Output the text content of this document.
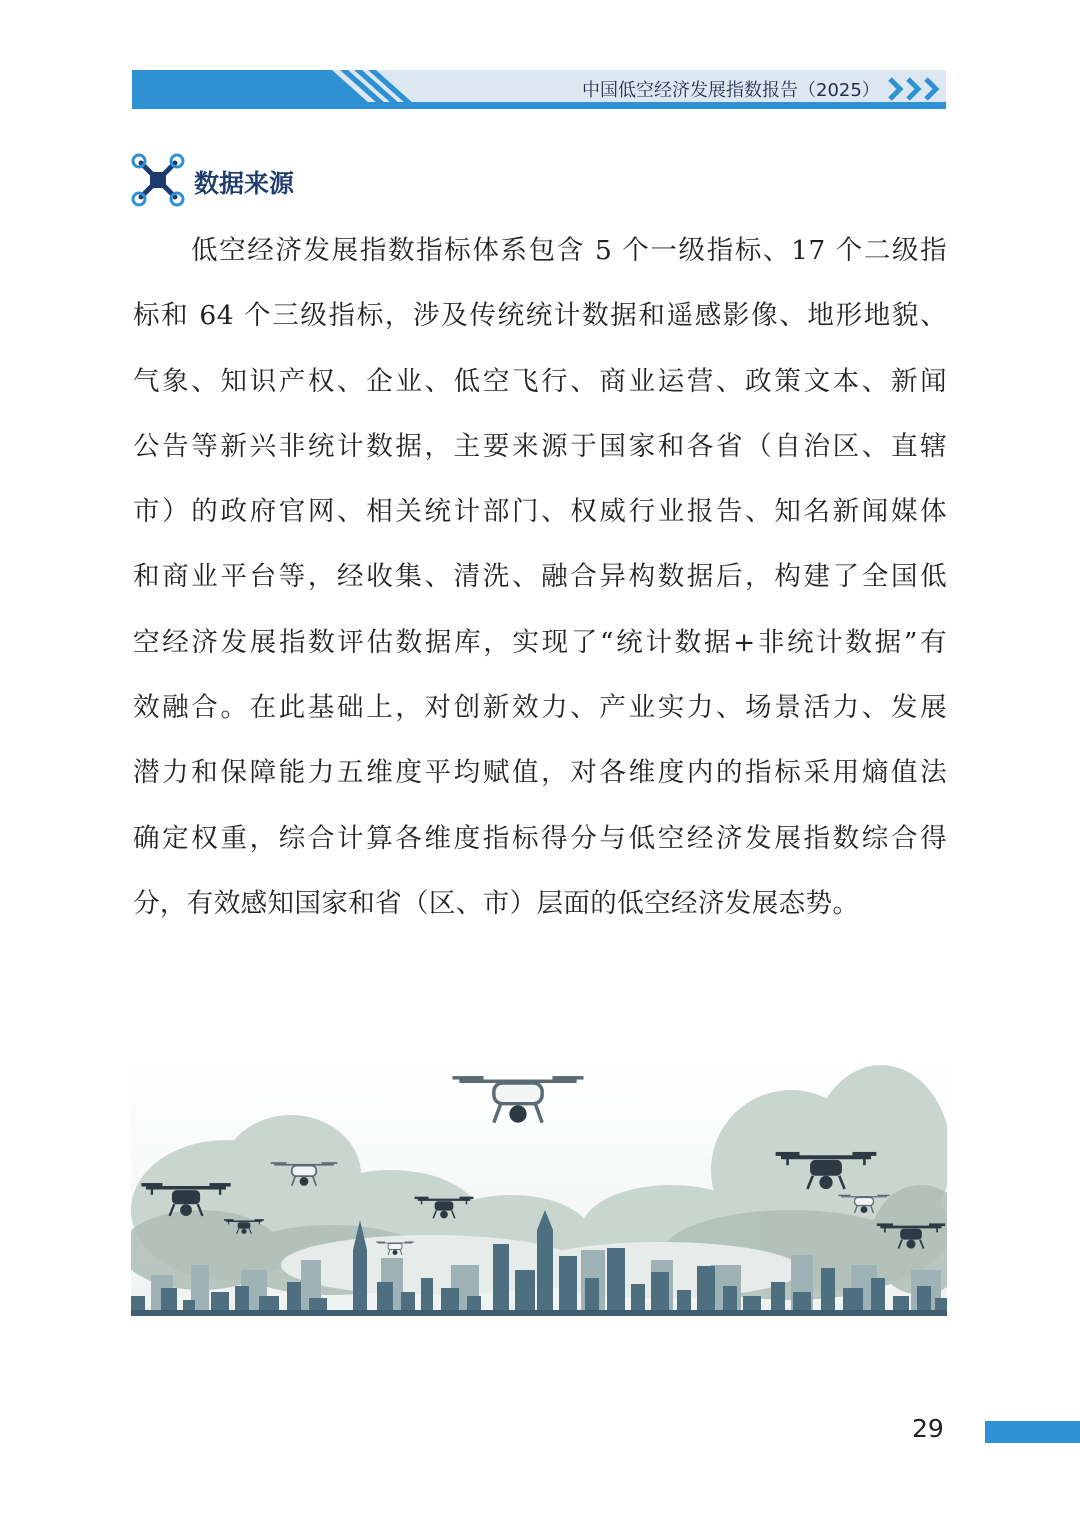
中国低空经济发展指数报告（2025）
数据来源
低空经济发展指数指标体系包含 5 个一级指标、17 个二级指
标和 64 个三级指标，涉及传统统计数据和遥感影像、地形地貌、
气象、知识产权、企业、低空飞行、商业运营、政策文本、新闻
公告等新兴非统计数据，主要来源于国家和各省（自治区、直辖
市）的政府官网、相关统计部门、权威行业报告、知名新闻媒体
和商业平台等，经收集、清洗、融合异构数据后，构建了全国低
空经济发展指数评估数据库，实现了“统计数据+非统计数据”有
效融合。在此基础上，对创新效力、产业实力、场景活力、发展
潜力和保障能力五维度平均赋值，对各维度内的指标采用熵值法
确定权重，综合计算各维度指标得分与低空经济发展指数综合得
分，有效感知国家和省（区、市）层面的低空经济发展态势。
29
